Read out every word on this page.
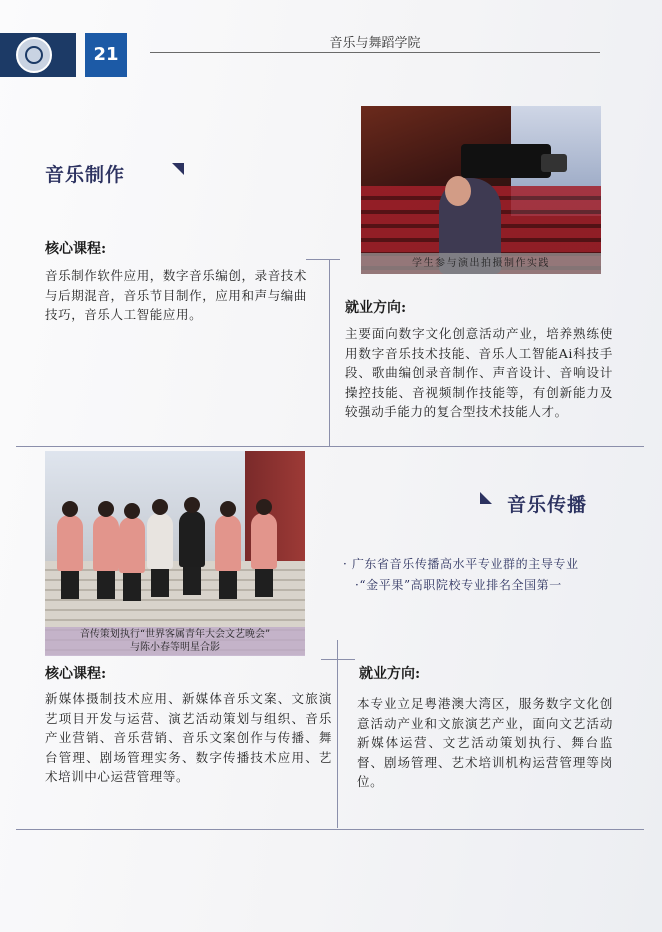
21
音乐与舞蹈学院
音乐制作
学生参与演出拍摄制作实践
核心课程:
音乐制作软件应用，数字音乐编创，录音技术与后期混音，音乐节目制作，应用和声与编曲技巧，音乐人工智能应用。	就业方向:
主要面向数字文化创意活动产业，培养熟练使用数字音乐技术技能、音乐人工智能Ai科技手段、歌曲编创录音制作、声音设计、音响设计操控技能、音视频制作技能等，有创新能力及较强动手能力的复合型技术技能人才。
音传策划执行“世界客属青年大会文艺晚会”
与陈小春等明星合影
音乐传播
· 广东省音乐传播高水平专业群的主导专业
·“金平果”高职院校专业排名全国第一
核心课程:
新媒体摄制技术应用、新媒体音乐文案、文旅演艺项目开发与运营、演艺活动策划与组织、音乐产业营销、音乐营销、音乐文案创作与传播、舞台管理、剧场管理实务、数字传播技术应用、艺术培训中心运营管理等。
就业方向:
本专业立足粤港澳大湾区，服务数字文化创意活动产业和文旅演艺产业，面向文艺活动新媒体运营、文艺活动策划执行、舞台监督、剧场管理、艺术培训机构运营管理等岗位。
